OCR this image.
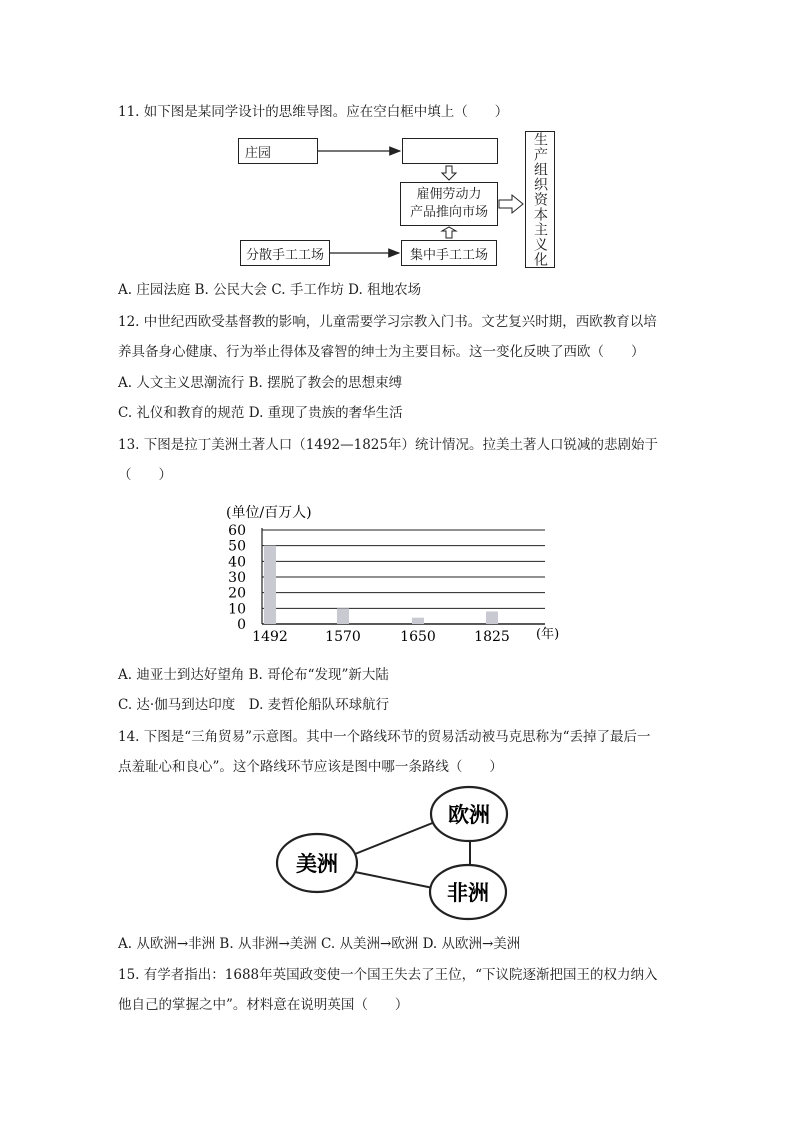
11. 如下图是某同学设计的思维导图。应在空白框中填上（　　）
庄园
雇佣劳动力
产品推向市场
分散手工工场	集中手工工场	生产组织资本主义化
A. 庄园法庭 B. 公民大会 C. 手工作坊 D. 租地农场
12. 中世纪西欧受基督教的影响，儿童需要学习宗教入门书。文艺复兴时期，西欧教育以培
养具备身心健康、行为举止得体及睿智的绅士为主要目标。这一变化反映了西欧（　　）
A. 人文主义思潮流行 B. 摆脱了教会的思想束缚
C. 礼仪和教育的规范 D. 重现了贵族的奢华生活
13. 下图是拉丁美洲土著人口（1492—1825年）统计情况。拉美土著人口锐减的悲剧始于
（　　）
(单位/百万人)
(年)
0
10
20
30
40
50
60
1492	1570	1650	1825
A. 迪亚士到达好望角 B. 哥伦布“发现”新大陆
C. 达·伽马到达印度　D. 麦哲伦船队环球航行
14. 下图是“三角贸易”示意图。其中一个路线环节的贸易活动被马克思称为“丢掉了最后一
点羞耻心和良心”。这个路线环节应该是图中哪一条路线（　　）
欧洲
美洲
非洲
A. 从欧洲→非洲 B. 从非洲→美洲 C. 从美洲→欧洲 D. 从欧洲→美洲
15. 有学者指出：1688年英国政变使一个国王失去了王位，“下议院逐渐把国王的权力纳入
他自己的掌握之中”。材料意在说明英国（　　）
